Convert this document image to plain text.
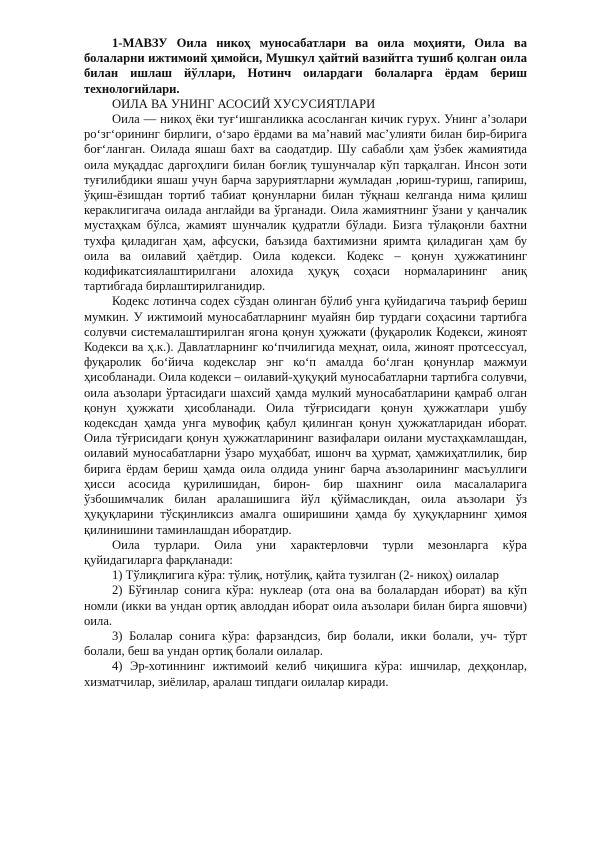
1-МАВЗУ Оила никоҳ муносабатлари ва оила моҳияти, Оила ва болаларни ижтимоий ҳимойси, Мушкул ҳайтий вазийтга тушиб қолган оила билан ишлаш йўллари, Нотинч оилардаги болаларга ёрдам бериш технологийлари.

ОИЛА ВА УНИНГ АСОСИЙ ХУСУСИЯТЛАРИ

Оила — никоҳ ёки туғ‘ишганликка асосланган кичик гурух. Унинг а’золари ро‘зг‘орининг бирлиги, о‘заро ёрдами ва ма’навий мас’улияти билан бир-бирига боғ‘ланган. Оилада яшаш бахт ва саодатдир. Шу сабабли ҳам ўзбек жамиятида оила муқаддас даргоҳлиги билан боғлиқ тушунчалар кўп тарқалган. Инсон зоти туғилибдики яшаш учун барча заруриятларни жумладан ,юриш-туриш, гапириш, ўқиш-ёзишдан тортиб табиат қонунларни билан тўқнаш келганда нима қилиш кераклигигача оилада англайди ва ўрганади. Оила жамиятнинг ўзани у қанчалик мустаҳкам бўлса, жамият шунчалик қудратли бўлади. Бизга тўлақонли бахтни тухфа қиладиган ҳам, афсуски, баъзида бахтимизни яримта қиладиган ҳам бу оила ва оилавий ҳаётдир. Оила кодекси. Кодекс – қонун ҳужжатининг кодификатсиялаштирилгани алохида ҳуқуқ соҳаси нормаларининг аниқ тартибгада бирлаштирилганидир.

Кодекс лотинча содех сўздан олинган бўлиб унга қуйидагича таъриф бериш мумкин. У ижтимоий муносабатларнинг муайян бир турдаги соҳасини тартибга солувчи системалаштирилган ягона қонун ҳужжати (фуқаролик Кодекси, жиноят Кодекси ва ҳ.к.). Давлатларнинг ко‘пчилигида меҳнат, оила, жиноят протсессуал, фуқаролик бо‘йича кодекслар энг ко‘п амалда бо‘лган қонунлар мажмуи ҳисобланади. Оила кодекси – оилавий-ҳуқуқий муносабатларни тартибга солувчи, оила аъзолари ўртасидаги шахсий ҳамда мулкий муносабатларини қамраб олган қонун ҳужжати ҳисобланади. Оила тўғрисидаги қонун ҳужжатлари ушбу кодексдан ҳамда унга мувофиқ қабул қилинган қонун ҳужжатларидан иборат. Оила тўғрисидаги қонун ҳужжатларининг вазифалари оилани мустаҳкамлашдан, оилавий муносабатларни ўзаро муҳаббат, ишонч ва ҳурмат, ҳамжиҳатлилик, бир бирига ёрдам бериш ҳамда оила олдида унинг барча аъзоларининг масъуллиги ҳисси асосида қурилишидан, бирон- бир шахнинг оила масалаларига ўзбошимчалик билан аралашишига йўл қўймасликдан, оила аъзолари ўз ҳуқуқларини тўсқинликсиз амалга оширишини ҳамда бу ҳуқуқларнинг ҳимоя қилинишини таминлашдан иборатдир.

Оила турлари. Оила уни характерловчи турли мезонларга кўра қуйидагиларга фарқланади:

1) Тўлиқлигига кўра: тўлиқ, нотўлиқ, қайта тузилган (2- никоҳ) оилалар

2) Бўғинлар сонига кўра: нуклеар (ота она ва болалардан иборат) ва кўп номли (икки ва ундан ортиқ авлоддан иборат оила аъзолари билан бирга яшовчи) оила.

3) Болалар сонига кўра: фарзандсиз, бир болали, икки болали, уч- тўрт болали, беш ва ундан ортиқ болали оилалар.

4) Эр-хотиннинг ижтимоий келиб чиқишига кўра: ишчилар, деҳқонлар, хизматчилар, зиёлилар, аралаш типдаги оилалар киради.
